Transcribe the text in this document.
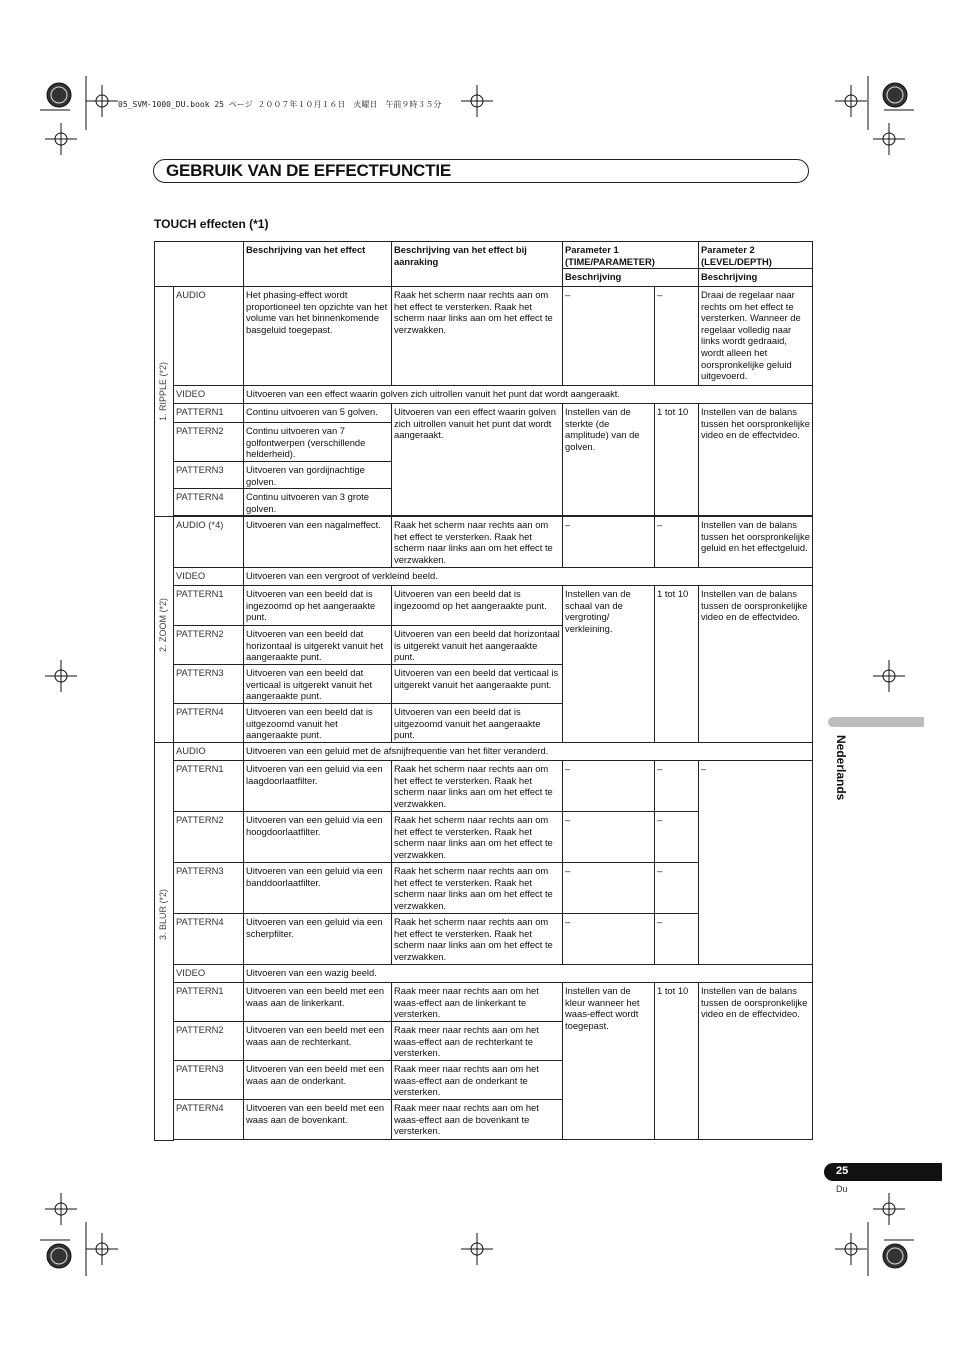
05_SVM-1000_DU.book 25 ページ ２００７年１０月１６日　火曜日　午前９時３５分
GEBRUIK VAN DE EFFECTFUNCTIE
TOUCH effecten (*1)
		Beschrijving van het effect	Beschrijving van het effect bij aanraking	Parameter 1 (TIME/PARAMETER)		Parameter 2 (LEVEL/DEPTH)
				Beschrijving		Beschrijving

1. RIPPLE (*2)	AUDIO	Het phasing-effect wordt proportioneel ten opzichte van het volume van het binnenkomende basgeluid toegepast.	Raak het scherm naar rechts aan om het effect te versterken. Raak het scherm naar links aan om het effect te verzwakken.	–	–	Draai de regelaar naar rechts om het effect te versterken. Wanneer de regelaar volledig naar links wordt gedraaid, wordt alleen het oorspronkelijke geluid uitgevoerd.
	VIDEO	Uitvoeren van een effect waarin golven zich uitrollen vanuit het punt dat wordt aangeraakt.				
	PATTERN1	Continu uitvoeren van 5 golven.	Uitvoeren van een effect waarin golven zich uitrollen vanuit het punt dat wordt aangeraakt.	Instellen van de sterkte (de amplitude) van de golven.	1 tot 10	Instellen van de balans tussen het oorspronkelijke video en de effectvideo.
	PATTERN2	Continu uitvoeren van 7 golfontwerpen (verschillende helderheid).				
	PATTERN3	Uitvoeren van gordijnachtige golven.				
	PATTERN4	Continu uitvoeren van 3 grote golven.				

2. ZOOM (*2)	AUDIO (*4)	Uitvoeren van een nagalmeffect.	Raak het scherm naar rechts aan om het effect te versterken. Raak het scherm naar links aan om het effect te verzwakken.	–	–	Instellen van de balans tussen het oorspronkelijke geluid en het effectgeluid.
	VIDEO	Uitvoeren van een vergroot of verkleind beeld.				
	PATTERN1	Uitvoeren van een beeld dat is ingezoomd op het aangeraakte punt.	Uitvoeren van een beeld dat is ingezoomd op het aangeraakte punt.	Instellen van de schaal van de vergroting/ verkleining.	1 tot 10	Instellen van de balans tussen de oorspronkelijke video en de effectvideo.
	PATTERN2	Uitvoeren van een beeld dat horizontaal is uitgerekt vanuit het aangeraakte punt.	Uitvoeren van een beeld dat horizontaal is uitgerekt vanuit het aangeraakte punt.			
	PATTERN3	Uitvoeren van een beeld dat verticaal is uitgerekt vanuit het aangeraakte punt.	Uitvoeren van een beeld dat verticaal is uitgerekt vanuit het aangeraakte punt.			
	PATTERN4	Uitvoeren van een beeld dat is uitgezoomd vanuit het aangeraakte punt.	Uitvoeren van een beeld dat is uitgezoomd vanuit het aangeraakte punt.			

3. BLUR (*2)	AUDIO	Uitvoeren van een geluid met de afsnijfrequentie van het filter veranderd.				
	PATTERN1	Uitvoeren van een geluid via een laagdoorlaatfilter.	Raak het scherm naar rechts aan om het effect te versterken. Raak het scherm naar links aan om het effect te verzwakken.	–	–	–
	PATTERN2	Uitvoeren van een geluid via een hoogdoorlaatfilter.	Raak het scherm naar rechts aan om het effect te versterken. Raak het scherm naar links aan om het effect te verzwakken.	–	–	
	PATTERN3	Uitvoeren van een geluid via een banddoorlaatfilter.	Raak het scherm naar rechts aan om het effect te versterken. Raak het scherm naar links aan om het effect te verzwakken.	–	–	
	PATTERN4	Uitvoeren van een geluid via een scherpfilter.	Raak het scherm naar rechts aan om het effect te versterken. Raak het scherm naar links aan om het effect te verzwakken.	–	–	
	VIDEO	Uitvoeren van een wazig beeld.				
	PATTERN1	Uitvoeren van een beeld met een waas aan de linkerkant.	Raak meer naar rechts aan om het waas-effect aan de linkerkant te versterken.	Instellen van de kleur wanneer het waas-effect wordt toegepast.	1 tot 10	Instellen van de balans tussen de oorspronkelijke video en de effectvideo.
	PATTERN2	Uitvoeren van een beeld met een waas aan de rechterkant.	Raak meer naar rechts aan om het waas-effect aan de rechterkant te versterken.			
	PATTERN3	Uitvoeren van een beeld met een waas aan de onderkant.	Raak meer naar rechts aan om het waas-effect aan de onderkant te versterken.			
	PATTERN4	Uitvoeren van een beeld met een waas aan de bovenkant.	Raak meer naar rechts aan om het waas-effect aan de bovenkant te versterken.			

Nederlands
25
Du
